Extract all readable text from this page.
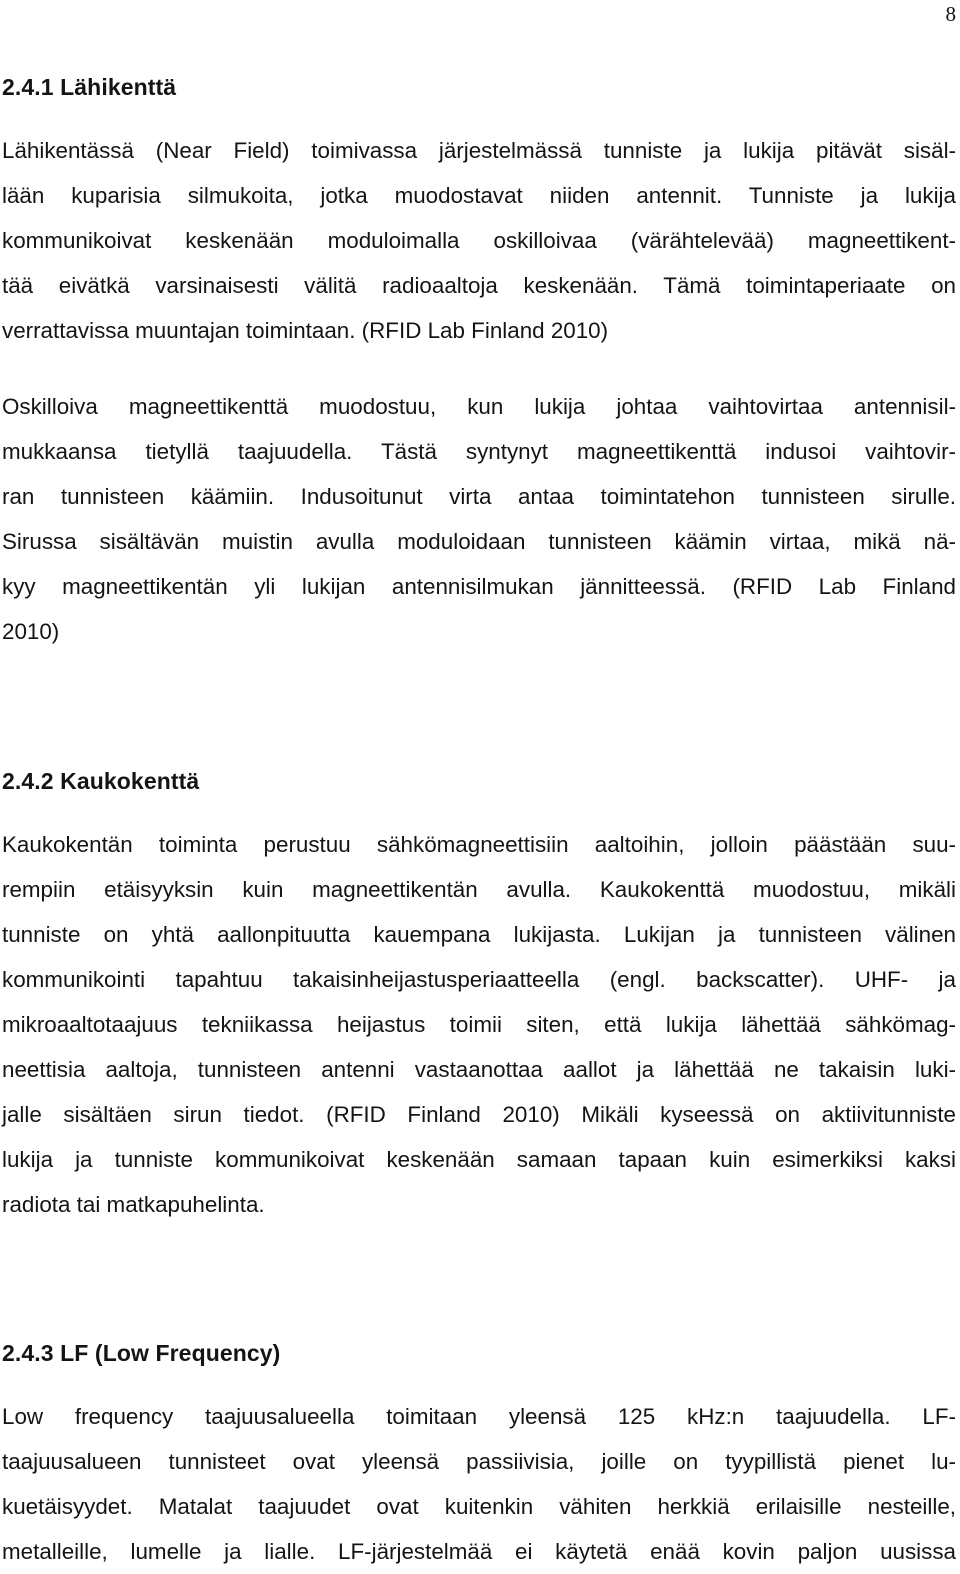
8
2.4.1 Lähikenttä
Lähikentässä (Near Field) toimivassa järjestelmässä tunniste ja lukija pitävät sisäl-
lään kuparisia silmukoita, jotka muodostavat niiden antennit. Tunniste ja lukija
kommunikoivat keskenään moduloimalla oskilloivaa (värähtelevää) magneettikent-
tää eivätkä varsinaisesti välitä radioaaltoja keskenään. Tämä toimintaperiaate on
verrattavissa muuntajan toimintaan. (RFID Lab Finland 2010)
Oskilloiva magneettikenttä muodostuu, kun lukija johtaa vaihtovirtaa antennisil-
mukkaansa tietyllä taajuudella. Tästä syntynyt magneettikenttä indusoi vaihtovir-
ran tunnisteen käämiin. Indusoitunut virta antaa toimintatehon tunnisteen sirulle.
Sirussa sisältävän muistin avulla moduloidaan tunnisteen käämin virtaa, mikä nä-
kyy magneettikentän yli lukijan antennisilmukan jännitteessä. (RFID Lab Finland
2010)
2.4.2 Kaukokenttä
Kaukokentän toiminta perustuu sähkömagneettisiin aaltoihin, jolloin päästään suu-
rempiin etäisyyksin kuin magneettikentän avulla. Kaukokenttä muodostuu, mikäli
tunniste on yhtä aallonpituutta kauempana lukijasta. Lukijan ja tunnisteen välinen
kommunikointi tapahtuu takaisinheijastusperiaatteella (engl. backscatter). UHF- ja
mikroaaltotaajuus tekniikassa heijastus toimii siten, että lukija lähettää sähkömag-
neettisia aaltoja, tunnisteen antenni vastaanottaa aallot ja lähettää ne takaisin luki-
jalle sisältäen sirun tiedot. (RFID Finland 2010) Mikäli kyseessä on aktiivitunniste
lukija ja tunniste kommunikoivat keskenään samaan tapaan kuin esimerkiksi kaksi
radiota tai matkapuhelinta.
2.4.3 LF (Low Frequency)
Low frequency taajuusalueella toimitaan yleensä 125 kHz:n taajuudella. LF-
taajuusalueen tunnisteet ovat yleensä passiivisia, joille on tyypillistä pienet lu-
kuetäisyydet. Matalat taajuudet ovat kuitenkin vähiten herkkiä erilaisille nesteille,
metalleille, lumelle ja lialle. LF-järjestelmää ei käytetä enää kovin paljon uusissa
